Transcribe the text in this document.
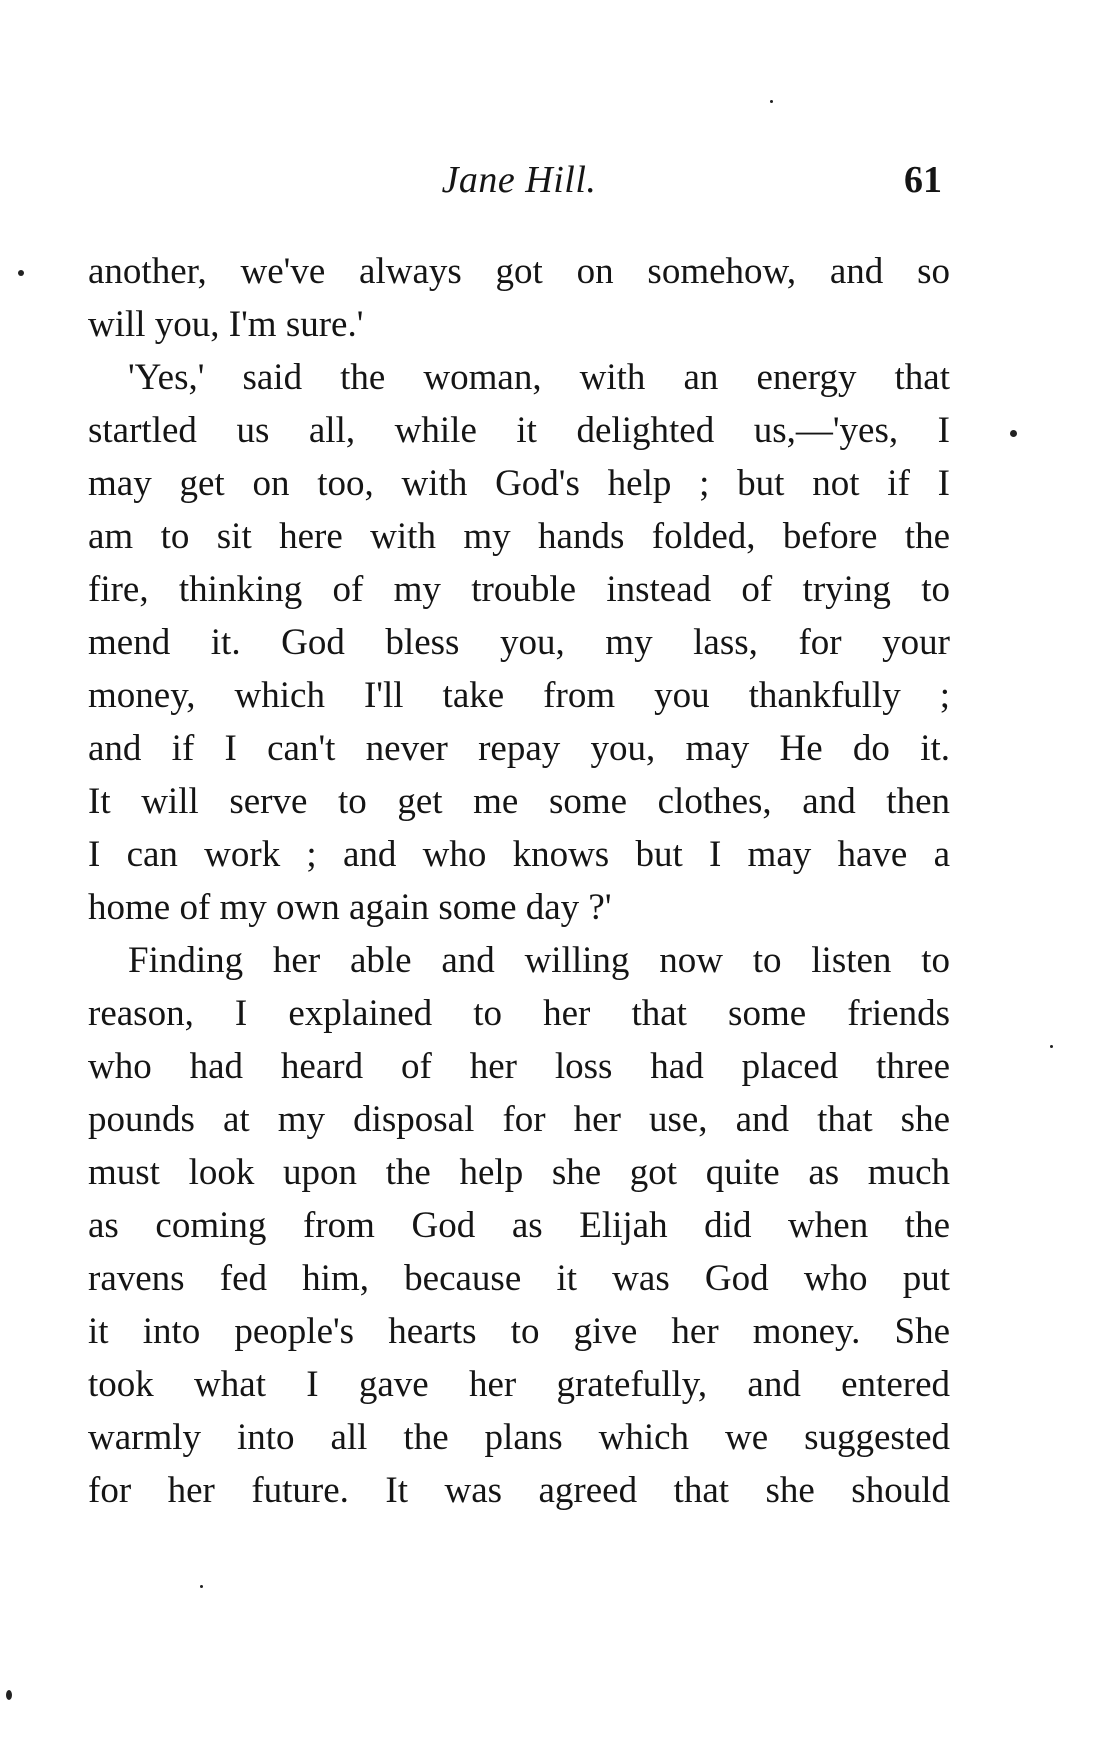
Jane Hill.	61
another, we've always got on somehow, and so
will you, I'm sure.'
'Yes,' said the woman, with an energy that
startled us all, while it delighted us,—'yes, I
may get on too, with God's help ; but not if I
am to sit here with my hands folded, before the
fire, thinking of my trouble instead of trying to
mend it. God bless you, my lass, for your
money, which I'll take from you thankfully ;
and if I can't never repay you, may He do it.
It will serve to get me some clothes, and then
I can work ; and who knows but I may have a
home of my own again some day ?'
Finding her able and willing now to listen to
reason, I explained to her that some friends
who had heard of her loss had placed three
pounds at my disposal for her use, and that she
must look upon the help she got quite as much
as coming from God as Elijah did when the
ravens fed him, because it was God who put
it into people's hearts to give her money. She
took what I gave her gratefully, and entered
warmly into all the plans which we suggested
for her future. It was agreed that she should
